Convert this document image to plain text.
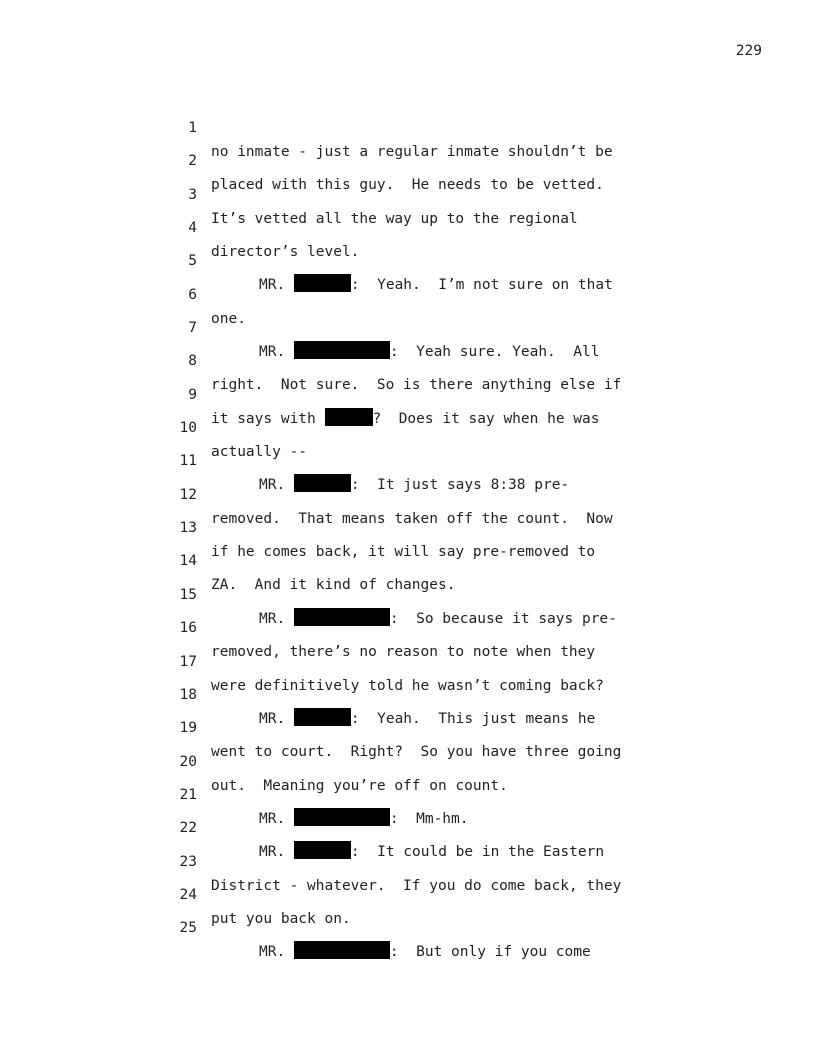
229

1

no inmate - just a regular inmate shouldn’t be

2

placed with this guy.  He needs to be vetted.

3

It’s vetted all the way up to the regional

4

director’s level.

5

MR.	:  Yeah.  I’m not sure on that

6

one.

7

MR.	:  Yeah sure. Yeah.  All

8

right.  Not sure.  So is there anything else if

9

it says with	?  Does it say when he was

10

actually --

11

MR.	:  It just says 8:38 pre-

12

removed.  That means taken off the count.  Now

13

if he comes back, it will say pre-removed to

14

ZA.  And it kind of changes.

15

MR.	:  So because it says pre-

16

removed, there’s no reason to note when they

17

were definitively told he wasn’t coming back?

18

MR.	:  Yeah.  This just means he

19

went to court.  Right?  So you have three going

20

out.  Meaning you’re off on count.

21

MR.	:  Mm-hm.

22

MR.	:  It could be in the Eastern

23

District - whatever.  If you do come back, they

24

put you back on.

25

MR.	:  But only if you come
